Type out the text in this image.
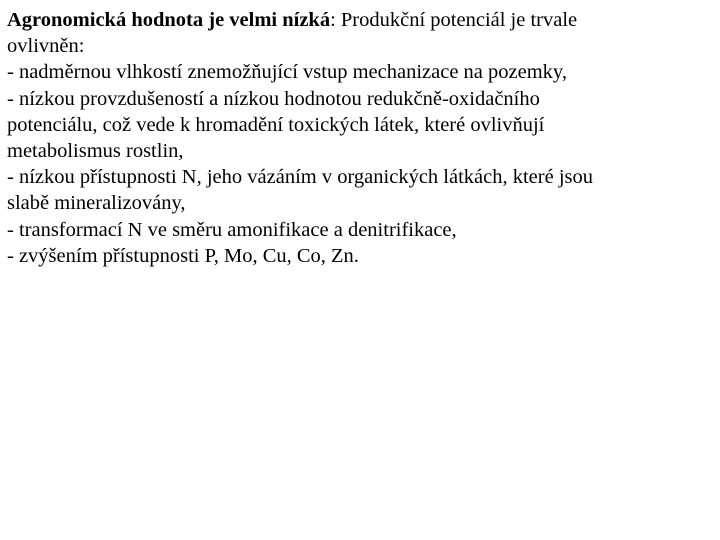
Agronomická hodnota je velmi nízká: Produkční potenciál je trvale
ovlivněn:
- nadměrnou vlhkostí znemožňující vstup mechanizace na pozemky,
- nízkou provzdušeností a nízkou hodnotou redukčně-oxidačního
potenciálu, což vede k hromadění toxických látek, které ovlivňují
metabolismus rostlin,
- nízkou přístupnosti N, jeho vázáním v organických látkách, které jsou
slabě mineralizovány,
- transformací N ve směru amonifikace a denitrifikace,
- zvýšením přístupnosti P, Mo, Cu, Co, Zn.
